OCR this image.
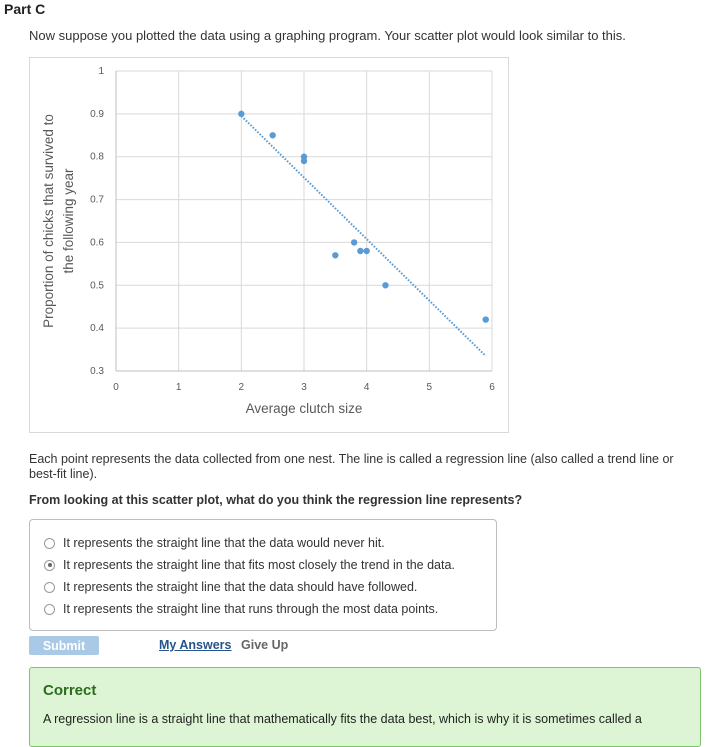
Part C
Now suppose you plotted the data using a graphing program. Your scatter plot would look similar to this.
0	1	2	3	4	5	6
0.3
0.4
0.5
0.6
0.7
0.8
0.9
1
Average clutch size
Proportion of chicks that survived to the following year
Each point represents the data collected from one nest. The line is called a regression line (also called a trend line or best-fit line).
From looking at this scatter plot, what do you think the regression line represents?
It represents the straight line that the data would never hit.
It represents the straight line that fits most closely the trend in the data.
It represents the straight line that the data should have followed.
It represents the straight line that runs through the most data points.
Submit	My Answers Give Up
Correct
A regression line is a straight line that mathematically fits the data best, which is why it is sometimes called a
